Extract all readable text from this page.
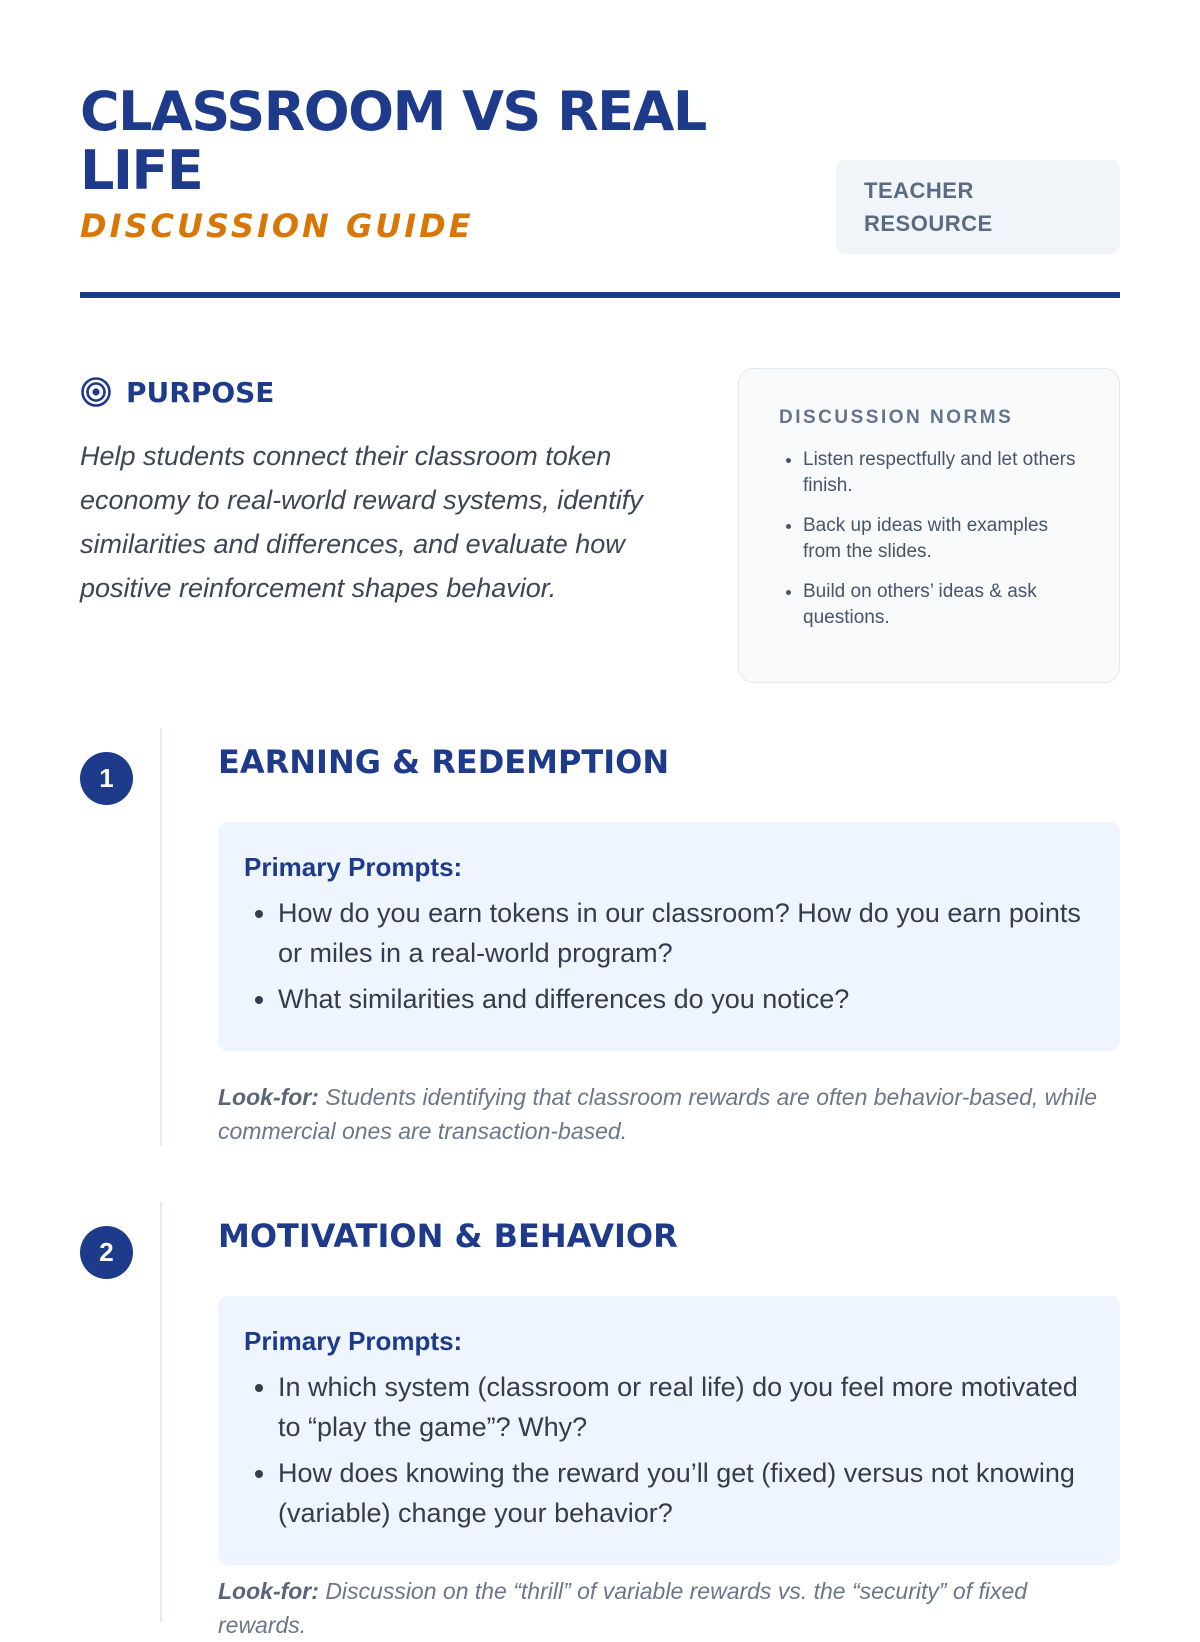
CLASSROOM VS REAL LIFE
DISCUSSION GUIDE
TEACHER RESOURCE
PURPOSE

Help students connect their classroom token economy to real-world reward systems, identify similarities and differences, and evaluate how positive reinforcement shapes behavior.

DISCUSSION NORMS
• Listen respectfully and let others finish.
• Back up ideas with examples from the slides.
• Build on others’ ideas & ask questions.
1	EARNING & REDEMPTION
Primary Prompts:
• How do you earn tokens in our classroom? How do you earn points or miles in a real-world program?
• What similarities and differences do you notice?
Look-for: Students identifying that classroom rewards are often behavior-based, while commercial ones are transaction-based.
2	MOTIVATION & BEHAVIOR
Primary Prompts:
• In which system (classroom or real life) do you feel more motivated to “play the game”? Why?
• How does knowing the reward you’ll get (fixed) versus not knowing (variable) change your behavior?
Look-for: Discussion on the “thrill” of variable rewards vs. the “security” of fixed rewards.
